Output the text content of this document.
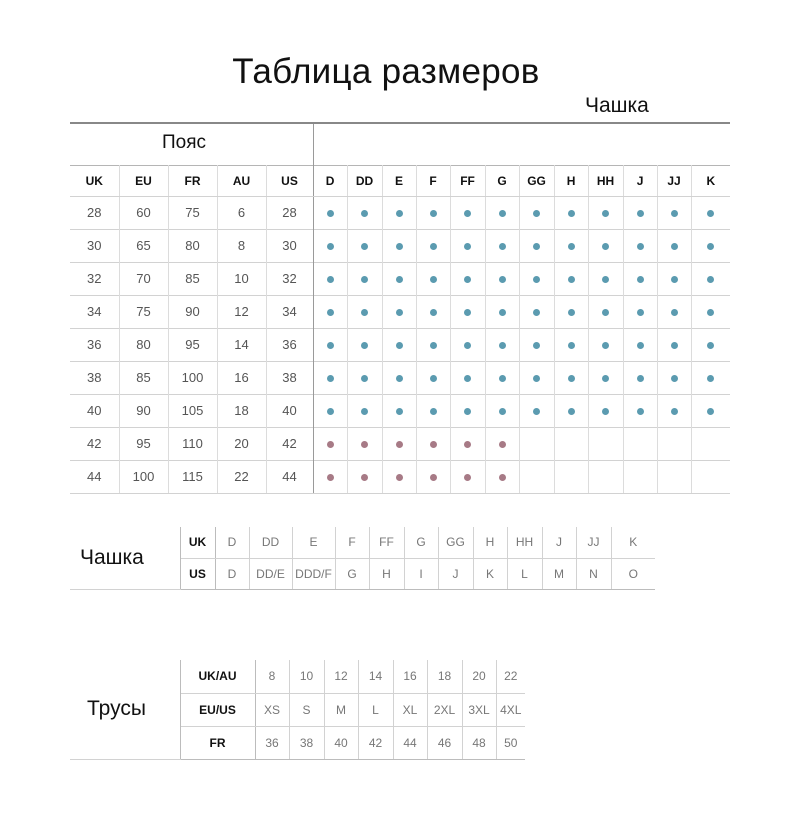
Таблица размеров
Чашка
Пояс																
UK	EU	FR	AU	US	D	DD	E	F	FF	G	GG	H	HH	J	JJ	K
28	60	75	6	28												
30	65	80	8	30												
32	70	85	10	32												
34	75	90	12	34												
36	80	95	14	36												
38	85	100	16	38												
40	90	105	18	40												
42	95	110	20	42												
44	100	115	22	44												
Чашка	UK	D	DD	E	F	FF	G	GG	H	HH	J	JJ	K
	US	D	DD/E	DDD/F	G	H	I	J	K	L	M	N	O
Трусы	UK/AU	8	10	12	14	16	18	20	22
	EU/US	XS	S	M	L	XL	2XL	3XL	4XL
	FR	36	38	40	42	44	46	48	50
